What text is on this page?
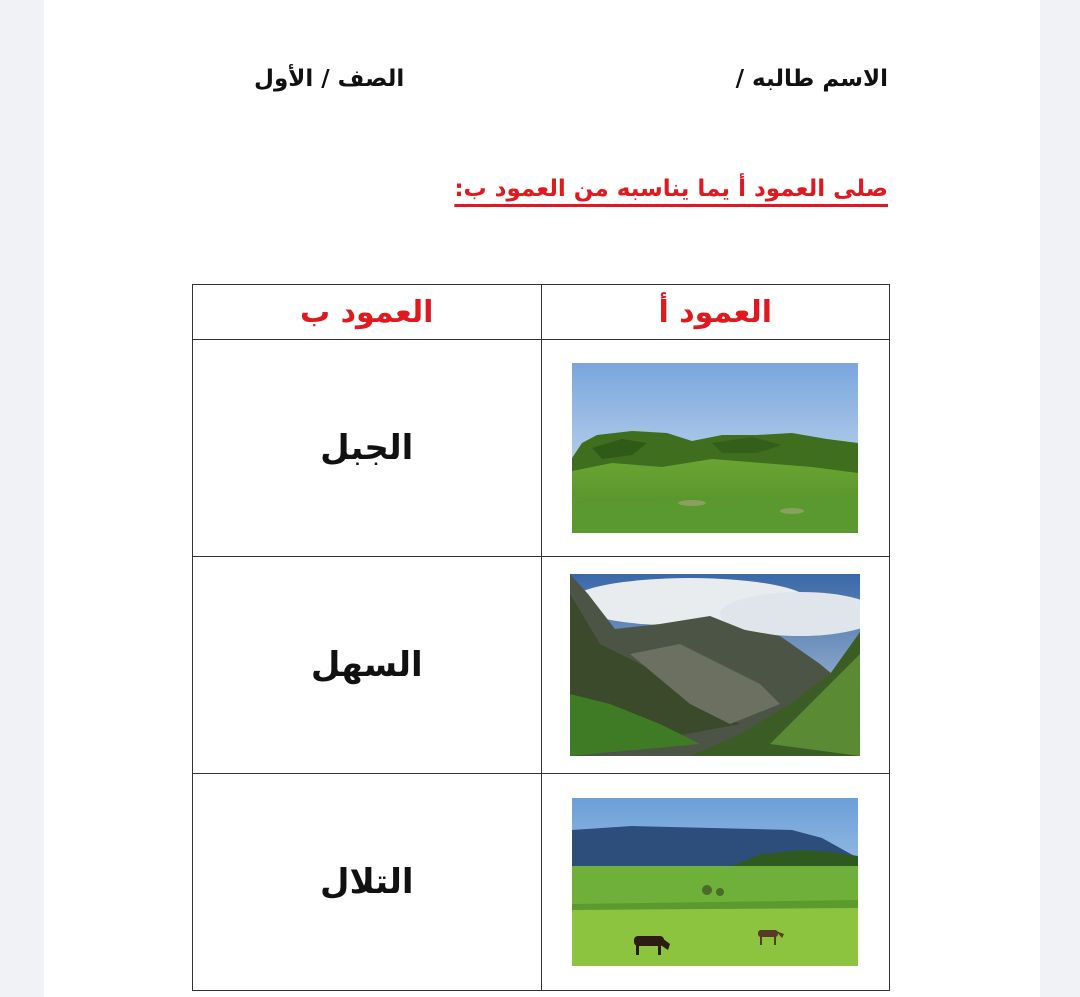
الاسم طالبه /
الصف / الأول
صلى العمود أ يما يناسبه من العمود ب:
العمود ب	العمود أ
الجبل	

السهل	

التلال	
